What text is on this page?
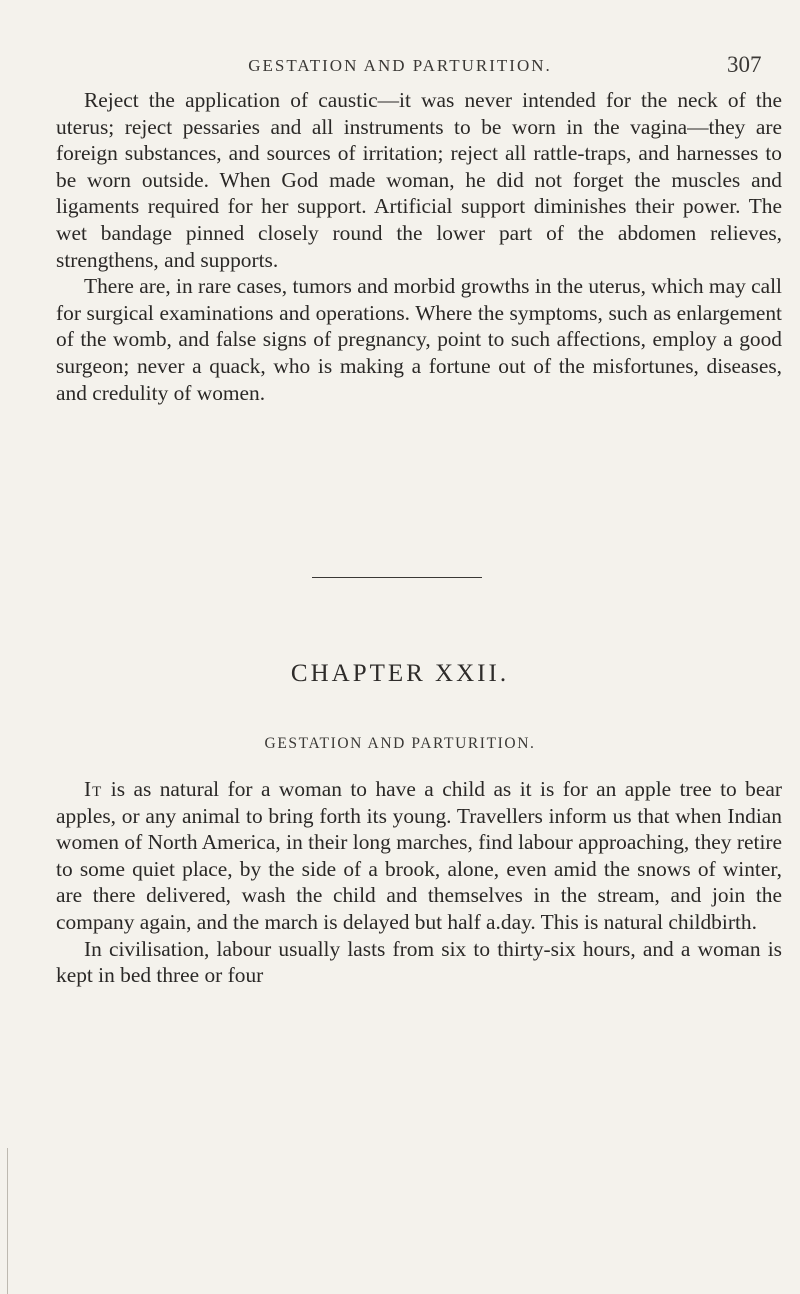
GESTATION AND PARTURITION.	307

Reject the application of caustic—it was never intended for the neck of the uterus; reject pessaries and all instruments to be worn in the vagina—they are foreign substances, and sources of irritation; reject all rattle-traps, and harnesses to be worn outside. When God made woman, he did not forget the muscles and ligaments required for her support. Artificial support diminishes their power. The wet bandage pinned closely round the lower part of the abdomen relieves, strengthens, and supports.

There are, in rare cases, tumors and morbid growths in the uterus, which may call for surgical examinations and operations. Where the symptoms, such as enlargement of the womb, and false signs of pregnancy, point to such affections, employ a good surgeon; never a quack, who is making a fortune out of the misfortunes, diseases, and credulity of women.

CHAPTER XXII.
GESTATION AND PARTURITION.

It is as natural for a woman to have a child as it is for an apple tree to bear apples, or any animal to bring forth its young. Travellers inform us that when Indian women of North America, in their long marches, find labour approaching, they retire to some quiet place, by the side of a brook, alone, even amid the snows of winter, are there delivered, wash the child and themselves in the stream, and join the company again, and the march is delayed but half a.day. This is natural childbirth.

In civilisation, labour usually lasts from six to thirty-six hours, and a woman is kept in bed three or four
